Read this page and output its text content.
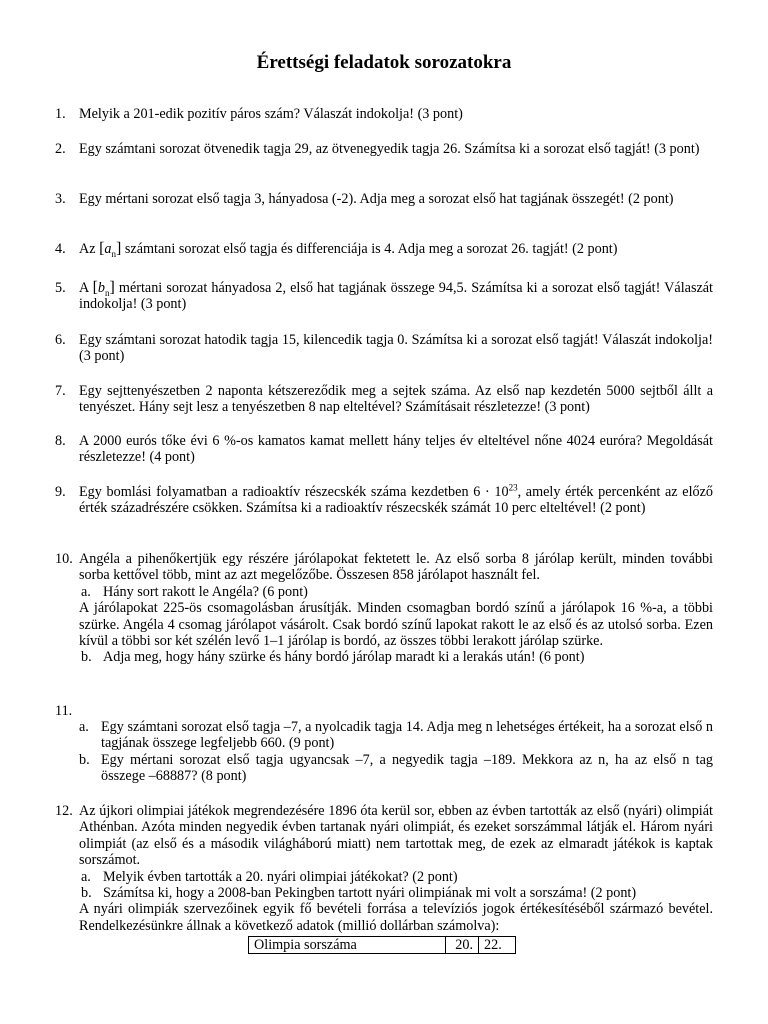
Érettségi feladatok sorozatokra
1. Melyik a 201-edik pozitív páros szám? Válaszát indokolja! (3 pont)

2. Egy számtani sorozat ötvenedik tagja 29, az ötvenegyedik tagja 26. Számítsa ki a sorozat első tagját! (3 pont)

3. Egy mértani sorozat első tagja 3, hányadosa (-2). Adja meg a sorozat első hat tagjának összegét! (2 pont)

4. Az $[a_n]$ számtani sorozat első tagja és differenciája is 4. Adja meg a sorozat 26. tagját! (2 pont)

5. A $[b_n]$ mértani sorozat hányadosa 2, első hat tagjának összege 94,5. Számítsa ki a sorozat első tagját! Válaszát indokolja! (3 pont)

6. Egy számtani sorozat hatodik tagja 15, kilencedik tagja 0. Számítsa ki a sorozat első tagját! Válaszát indokolja! (3 pont)

7. Egy sejttenyészetben 2 naponta kétszereződik meg a sejtek száma. Az első nap kezdetén 5000 sejtből állt a tenyészet. Hány sejt lesz a tenyészetben 8 nap elteltével? Számításait részletezze! (3 pont)

8. A 2000 eurós tőke évi 6 %-os kamatos kamat mellett hány teljes év elteltével nőne 4024 euróra? Megoldását részletezze! (4 pont)

9. Egy bomlási folyamatban a radioaktív részecskék száma kezdetben $6 \cdot 10^{23}$, amely érték percenként az előző érték századrészére csökken. Számítsa ki a radioaktív részecskék számát 10 perc elteltével! (2 pont)

10. Angéla a pihenőkertjük egy részére járólapokat fektetett le. Az első sorba 8 járólap került, minden további sorba kettővel több, mint az azt megelőzőbe. Összesen 858 járólapot használt fel.

a. Hány sort rakott le Angéla? (6 pont)

A járólapokat 225-ös csomagolásban árusítják. Minden csomagban bordó színű a járólapok 16 %-a, a többi szürke. Angéla 4 csomag járólapot vásárolt. Csak bordó színű lapokat rakott le az első és az utolsó sorba. Ezen kívül a többi sor két szélén levő 1–1 járólap is bordó, az összes többi lerakott járólap szürke.

b. Adja meg, hogy hány szürke és hány bordó járólap maradt ki a lerakás után! (6 pont)
11.
a. Egy számtani sorozat első tagja –7, a nyolcadik tagja 14. Adja meg n lehetséges értékeit, ha a sorozat első n tagjának összege legfeljebb 660. (9 pont)
b. Egy mértani sorozat első tagja ugyancsak –7, a negyedik tagja –189. Mekkora az n, ha az első n tag összege –68887? (8 pont)
12. Az újkori olimpiai játékok megrendezésére 1896 óta kerül sor, ebben az évben tartották az első (nyári) olimpiát Athénban. Azóta minden negyedik évben tartanak nyári olimpiát, és ezeket sorszámmal látják el. Három nyári olimpiát (az első és a második világháború miatt) nem tartottak meg, de ezek az elmaradt játékok is kaptak sorszámot.

a. Melyik évben tartották a 20. nyári olimpiai játékokat? (2 pont)
b. Számítsa ki, hogy a 2008-ban Pekingben tartott nyári olimpiának mi volt a sorszáma! (2 pont)

A nyári olimpiák szervezőinek egyik fő bevételi forrása a televíziós jogok értékesítéséből származó bevétel. Rendelkezésünkre állnak a következő adatok (millió dollárban számolva):

Olimpia sorszáma	20.	22.
